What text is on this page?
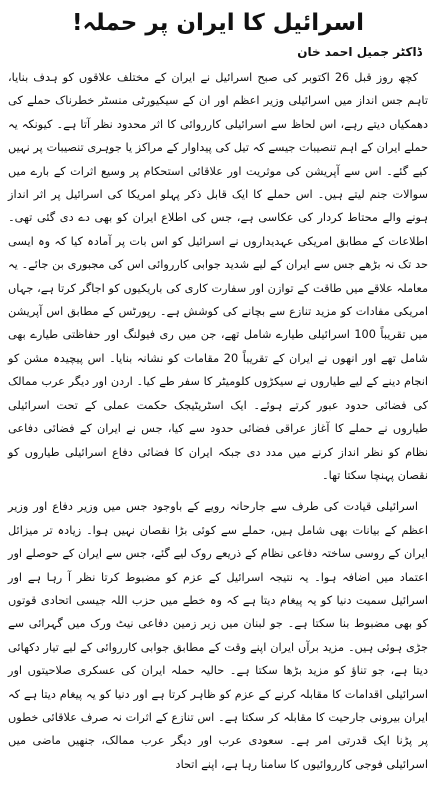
اسرائیل کا ایران پر حملہ!
ڈاکٹر جمیل احمد خان

کچھ روز قبل 26 اکتوبر کی صبح اسرائیل نے ایران کے مختلف علاقوں کو ہدف بنایا، تاہم جس انداز میں اسرائیلی وزیر اعظم اور ان کے سیکیورٹی منسٹر خطرناک حملے کی دھمکیاں دیتے رہے، اس لحاظ سے اسرائیلی کارروائی کا اثر محدود نظر آتا ہے۔ کیونکہ یہ حملے ایران کے اہم تنصیبات جیسے کہ تیل کی پیداوار کے مراکز یا جوہری تنصیبات پر نہیں کیے گئے۔ اس سے آپریشن کی موثریت اور علاقائی استحکام پر وسیع اثرات کے بارے میں سوالات جنم لیتے ہیں۔ اس حملے کا ایک قابل ذکر پہلو امریکا کی اسرائیل پر اثر انداز ہونے والے محتاط کردار کی عکاسی ہے، جس کی اطلاع ایران کو بھی دے دی گئی تھی۔ اطلاعات کے مطابق امریکی عہدیداروں نے اسرائیل کو اس بات پر آمادہ کیا کہ وہ ایسی حد تک نہ بڑھے جس سے ایران کے لیے شدید جوابی کارروائی اس کی مجبوری بن جائے۔ یہ معاملہ علاقے میں طاقت کے توازن اور سفارت کاری کی باریکیوں کو اجاگر کرتا ہے، جہاں امریکی مفادات کو مزید تنازع سے بچانے کی کوشش ہے۔ رپورٹس کے مطابق اس آپریشن میں تقریباً 100 اسرائیلی طیارے شامل تھے، جن میں ری فیولنگ اور حفاظتی طیارے بھی شامل تھے اور انھوں نے ایران کے تقریباً 20 مقامات کو نشانہ بنایا۔ اس پیچیدہ مشن کو انجام دینے کے لیے طیاروں نے سیکڑوں کلومیٹر کا سفر طے کیا۔ اردن اور دیگر عرب ممالک کی فضائی حدود عبور کرتے ہوئے۔ ایک اسٹریٹیجک حکمت عملی کے تحت اسرائیلی طیاروں نے حملے کا آغاز عراقی فضائی حدود سے کیا، جس نے ایران کے فضائی دفاعی نظام کو نظر انداز کرنے میں مدد دی جبکہ ایران کا فضائی دفاع اسرائیلی طیاروں کو نقصان پہنچا سکتا تھا۔

اسرائیلی قیادت کی طرف سے جارحانہ رویے کے باوجود جس میں وزیر دفاع اور وزیر اعظم کے بیانات بھی شامل ہیں، حملے سے کوئی بڑا نقصان نہیں ہوا۔ زیادہ تر میزائل ایران کے روسی ساختہ دفاعی نظام کے ذریعے روک لیے گئے، جس سے ایران کے حوصلے اور اعتماد میں اضافہ ہوا۔ یہ نتیجہ اسرائیل کے عزم کو مضبوط کرتا نظر آ رہا ہے اور اسرائیل سمیت دنیا کو یہ پیغام دیتا ہے کہ وہ خطے میں حزب اللہ جیسی اتحادی قوتوں کو بھی مضبوط بنا سکتا ہے۔ جو لبنان میں زیر زمین دفاعی نیٹ ورک میں گہرائی سے جڑی ہوئی ہیں۔ مزید برآں ایران اپنے وقت کے مطابق جوابی کارروائی کے لیے تیار دکھائی دیتا ہے، جو تناؤ کو مزید بڑھا سکتا ہے۔ حالیہ حملہ ایران کی عسکری صلاحیتوں اور اسرائیلی اقدامات کا مقابلہ کرنے کے عزم کو ظاہر کرتا ہے اور دنیا کو یہ پیغام دیتا ہے کہ ایران بیرونی جارحیت کا مقابلہ کر سکتا ہے۔ اس تنازع کے اثرات نہ صرف علاقائی خطوں پر پڑنا ایک قدرتی امر ہے۔ سعودی عرب اور دیگر عرب ممالک، جنھیں ماضی میں اسرائیلی فوجی کارروائیوں کا سامنا رہا ہے، اپنے اتحاد
